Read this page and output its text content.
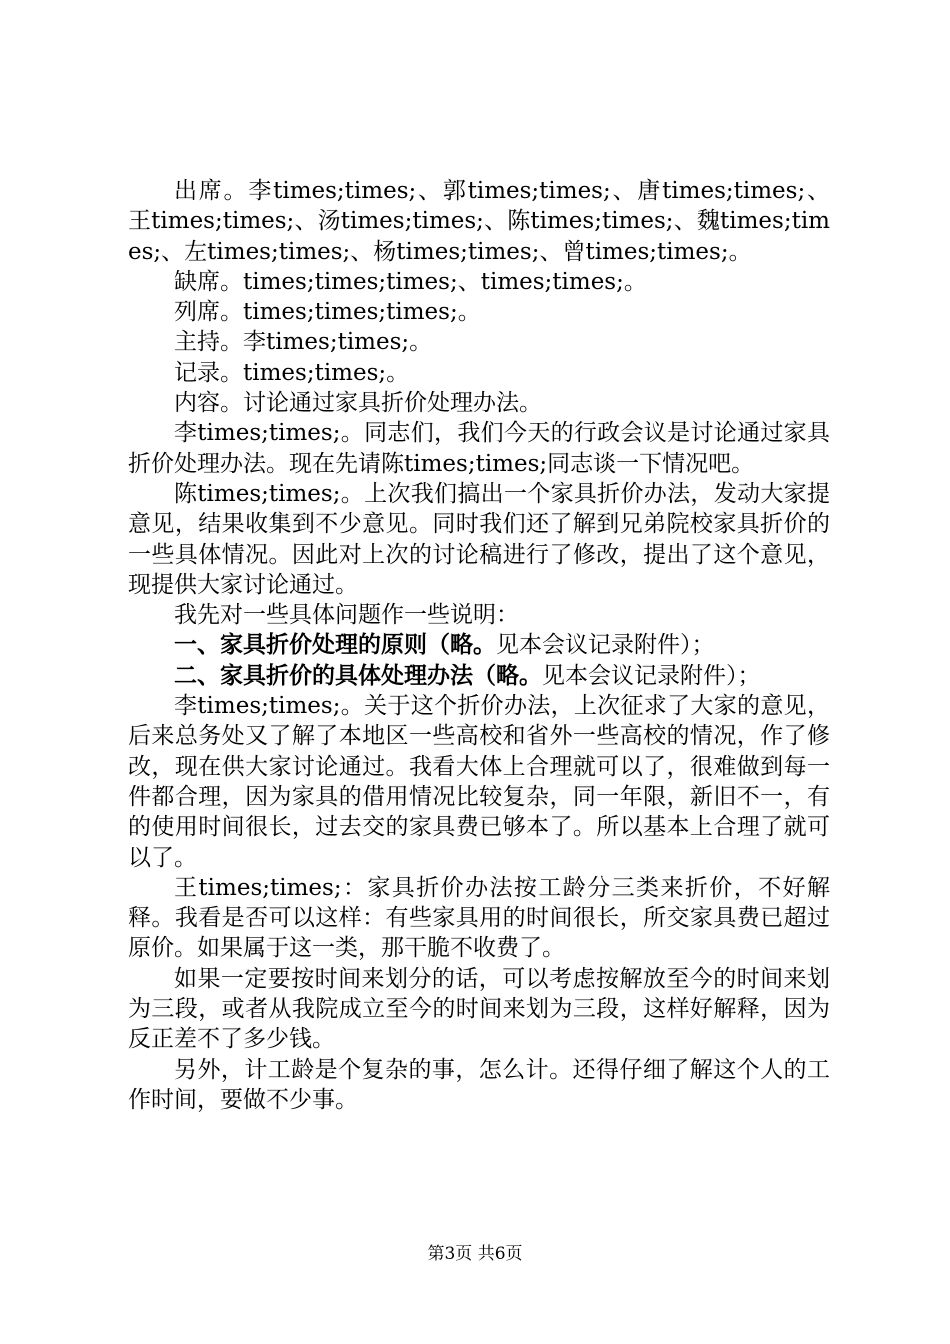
出席。李times;times;、郭times;times;、唐times;times;、王times;times;、汤times;times;、陈times;times;、魏times;times;、左times;times;、杨times;times;、曾times;times;。

缺席。times;times;times;、times;times;。

列席。times;times;times;。

主持。李times;times;。

记录。times;times;。

内容。讨论通过家具折价处理办法。

李times;times;。同志们，我们今天的行政会议是讨论通过家具折价处理办法。现在先请陈times;times;同志谈一下情况吧。

陈times;times;。上次我们搞出一个家具折价办法，发动大家提意见，结果收集到不少意见。同时我们还了解到兄弟院校家具折价的一些具体情况。因此对上次的讨论稿进行了修改，提出了这个意见，现提供大家讨论通过。

我先对一些具体问题作一些说明：

一、家具折价处理的原则（略。见本会议记录附件）；

二、家具折价的具体处理办法（略。见本会议记录附件）；

李times;times;。关于这个折价办法，上次征求了大家的意见，后来总务处又了解了本地区一些高校和省外一些高校的情况，作了修改，现在供大家讨论通过。我看大体上合理就可以了，很难做到每一件都合理，因为家具的借用情况比较复杂，同一年限，新旧不一，有的使用时间很长，过去交的家具费已够本了。所以基本上合理了就可以了。

王times;times;：家具折价办法按工龄分三类来折价，不好解释。我看是否可以这样：有些家具用的时间很长，所交家具费已超过原价。如果属于这一类，那干脆不收费了。

如果一定要按时间来划分的话，可以考虑按解放至今的时间来划为三段，或者从我院成立至今的时间来划为三段，这样好解释，因为反正差不了多少钱。

另外，计工龄是个复杂的事，怎么计。还得仔细了解这个人的工作时间，要做不少事。

第3页 共6页
